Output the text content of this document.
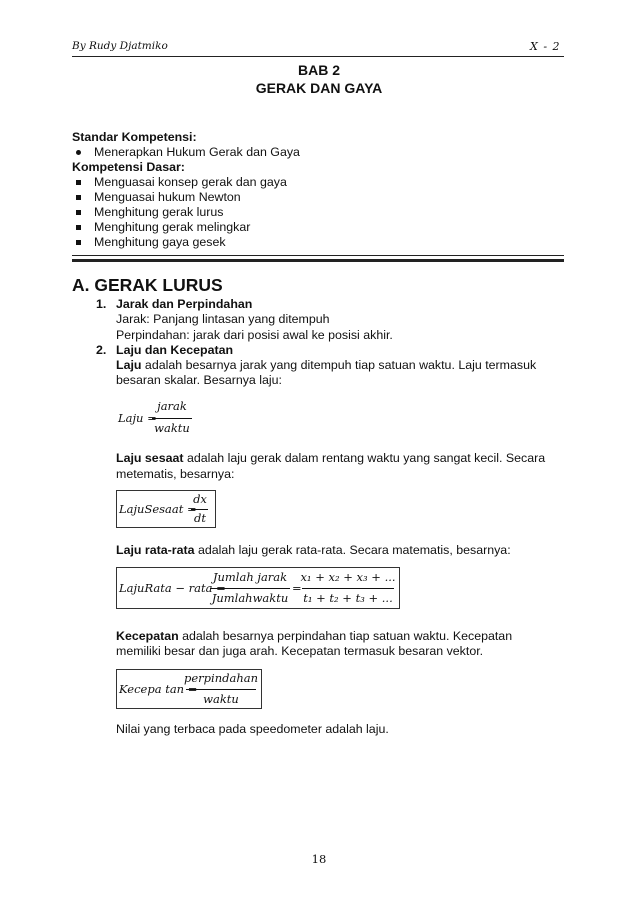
By Rudy Djatmiko	X - 2
BAB 2
GERAK DAN GAYA
Standar Kompetensi:
Menerapkan Hukum Gerak dan Gaya
Kompetensi Dasar:
Menguasai konsep gerak dan gaya
Menguasai hukum Newton
Menghitung gerak lurus
Menghitung gerak melingkar
Menghitung gaya gesek
A. GERAK LURUS
1. Jarak dan Perpindahan
Jarak: Panjang lintasan yang ditempuh
Perpindahan: jarak dari posisi awal ke posisi akhir.
2. Laju dan Kecepatan
Laju adalah besarnya jarak yang ditempuh tiap satuan waktu. Laju termasuk
besaran skalar. Besarnya laju:
Laju =
jarak
waktu
Laju sesaat adalah laju gerak dalam rentang waktu yang sangat kecil. Secara
metematis, besarnya:
LajuSesaat =
dx
dt
Laju rata-rata adalah laju gerak rata-rata. Secara matematis, besarnya:
LajuRata − rata =
Jumlah jarak
Jumlahwaktu
=
x₁ + x₂ + x₃ + ...
t₁ + t₂ + t₃ + ...
Kecepatan adalah besarnya perpindahan tiap satuan waktu. Kecepatan
memiliki besar dan juga arah. Kecepatan termasuk besaran vektor.
Kecepa tan =
perpindahan
waktu
Nilai yang terbaca pada speedometer adalah laju.
18
